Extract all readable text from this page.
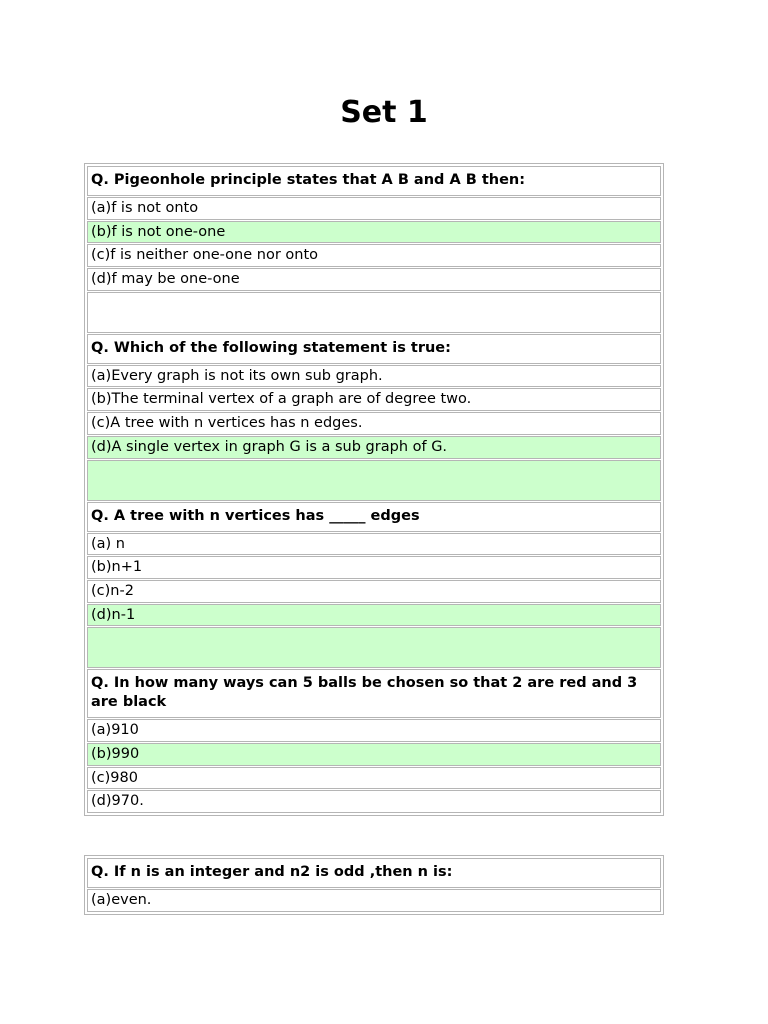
Set 1
Q. Pigeonhole principle states that A B and A B then:
(a)f is not onto
(b)f is not one-one
(c)f is neither one-one nor onto
(d)f may be one-one
Q. Which of the following statement is true:
(a)Every graph is not its own sub graph.
(b)The terminal vertex of a graph are of degree two.
(c)A tree with n vertices has n edges.
(d)A single vertex in graph G is a sub graph of G.
Q. A tree with n vertices has _____ edges
(a) n
(b)n+1
(c)n-2
(d)n-1
Q. In how many ways can 5 balls be chosen so that 2 are red and 3 are black
(a)910
(b)990
(c)980
(d)970.
Q. If n is an integer and n2 is odd ,then n is:
(a)even.
